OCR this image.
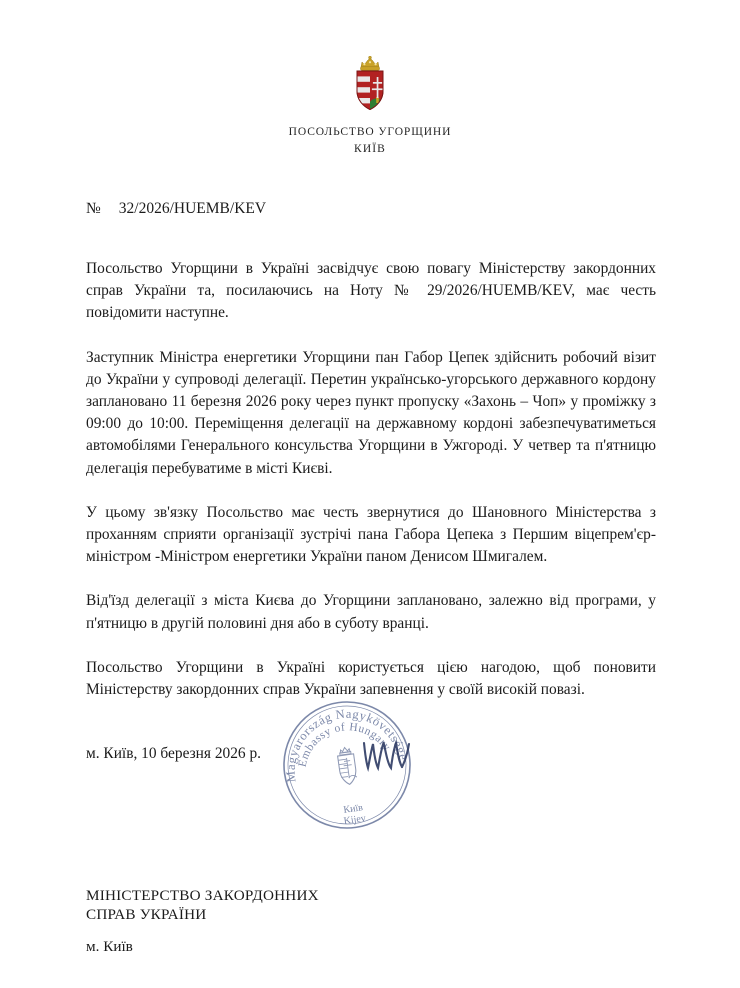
ПОСОЛЬСТВО УГОРЩИНИ
КИЇВ
№ 32/2026/HUEMB/KEV

Посольство Угорщини в Україні засвідчує свою повагу Міністерству закордонних справ України та, посилаючись на Ноту № 29/2026/HUEMB/KEV, має честь повідомити наступне.

Заступник Міністра енергетики Угорщини пан Габор Цепек здійснить робочий візит до України у супроводі делегації. Перетин українсько-угорського державного кордону заплановано 11 березня 2026 року через пункт пропуску «Захонь – Чоп» у проміжку з 09:00 до 10:00. Переміщення делегації на державному кордоні забезпечуватиметься автомобілями Генерального консульства Угорщини в Ужгороді. У четвер та п'ятницю делегація перебуватиме в місті Києві.

У цьому зв'язку Посольство має честь звернутися до Шановного Міністерства з проханням сприяти організації зустрічі пана Габора Цепека з Першим віцепрем'єр-міністром -Міністром енергетики України паном Денисом Шмигалем.

Від'їзд делегації з міста Києва до Угорщини заплановано, залежно від програми, у п'ятницю в другій половині дня або в суботу вранці.

Посольство Угорщини в Україні користується цією нагодою, щоб поновити Міністерству закордонних справ України запевнення у своїй високій повазі.

м. Київ, 10 березня 2026 р.
Magyarország Nagykövetsége
Embassy of Hungary
Київ
Kijev
МІНІСТЕРСТВО ЗАКОРДОННИХ
СПРАВ УКРАЇНИ
м. Київ
